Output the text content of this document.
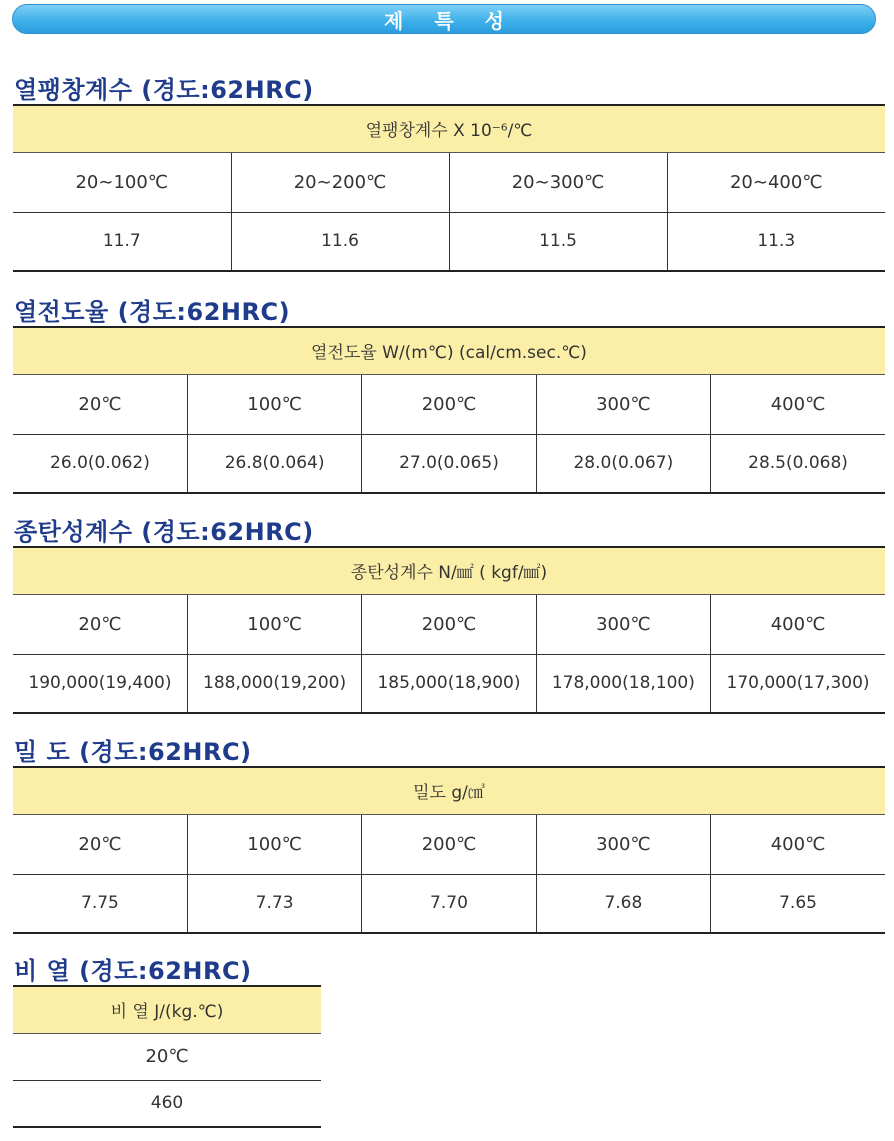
제 특 성
열팽창계수 (경도:62HRC)
열팽창계수 X 10⁻⁶/℃			
20∼100℃	20∼200℃	20∼300℃	20∼400℃
11.7	11.6	11.5	11.3
열전도율 (경도:62HRC)
열전도율 W/(m℃) (cal/cm.sec.℃)				
20℃	100℃	200℃	300℃	400℃
26.0(0.062)	26.8(0.064)	27.0(0.065)	28.0(0.067)	28.5(0.068)
종탄성계수 (경도:62HRC)
종탄성계수 N/㎟ ( kgf/㎟)				
20℃	100℃	200℃	300℃	400℃
190,000(19,400)	188,000(19,200)	185,000(18,900)	178,000(18,100)	170,000(17,300)
밀 도 (경도:62HRC)
밀도 g/㎤				
20℃	100℃	200℃	300℃	400℃
7.75	7.73	7.70	7.68	7.65
비 열 (경도:62HRC)
비 열 J/(kg.℃)
20℃
460
